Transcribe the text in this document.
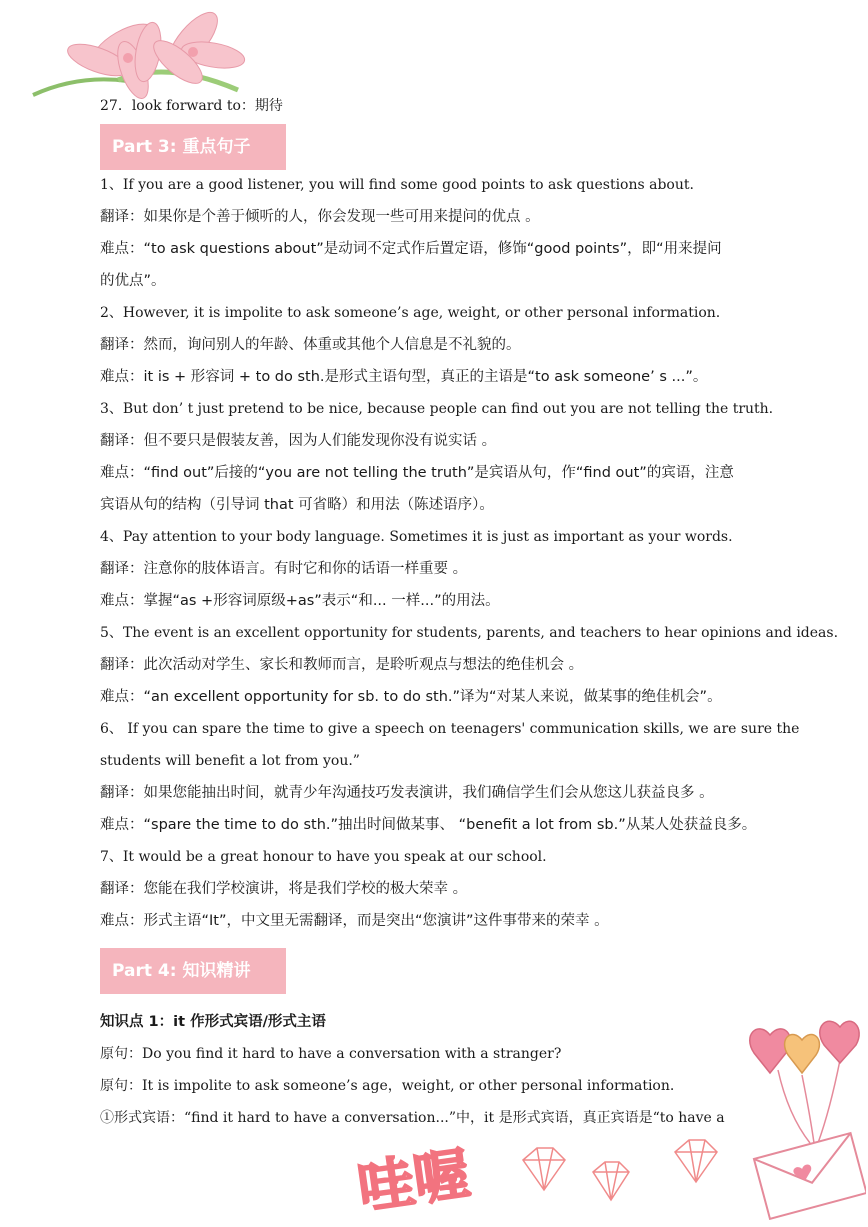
27．look forward to：期待
Part 3: 重点句子
1、If you are a good listener, you will find some good points to ask questions about.
翻译：如果你是个善于倾听的人，你会发现一些可用来提问的优点 。
难点：“to ask questions about”是动词不定式作后置定语，修饰“good points”，即“用来提问
的优点”。
2、However, it is impolite to ask someone’s age, weight, or other personal information.
翻译：然而，询问别人的年龄、体重或其他个人信息是不礼貌的。
难点：it is + 形容词 + to do sth.是形式主语句型，真正的主语是“to ask someone’ s ...”。
3、But don’ t just pretend to be nice, because people can find out you are not telling the truth.
翻译：但不要只是假装友善，因为人们能发现你没有说实话 。
难点：“find out”后接的“you are not telling the truth”是宾语从句，作“find out”的宾语，注意
宾语从句的结构（引导词 that 可省略）和用法（陈述语序）。
4、Pay attention to your body language. Sometimes it is just as important as your words.
翻译：注意你的肢体语言。有时它和你的话语一样重要 。
难点：掌握“as +形容词原级+as”表示“和... 一样...”的用法。
5、The event is an excellent opportunity for students, parents, and teachers to hear opinions and ideas.
翻译：此次活动对学生、家长和教师而言，是聆听观点与想法的绝佳机会 。
难点：“an excellent opportunity for sb. to do sth.”译为“对某人来说，做某事的绝佳机会”。
6、 If you can spare the time to give a speech on teenagers' communication skills, we are sure the
students will benefit a lot from you.”
翻译：如果您能抽出时间，就青少年沟通技巧发表演讲，我们确信学生们会从您这儿获益良多 。
难点：“spare the time to do sth.”抽出时间做某事、 “benefit a lot from sb.”从某人处获益良多。
7、It would be a great honour to have you speak at our school.
翻译：您能在我们学校演讲，将是我们学校的极大荣幸 。
难点：形式主语“It”，中文里无需翻译，而是突出“您演讲”这件事带来的荣幸 。
Part 4: 知识精讲
知识点 1：it 作形式宾语/形式主语
原句：Do you find it hard to have a conversation with a stranger?
原句：It is impolite to ask someone’s age，weight, or other personal information.
①形式宾语：“find it hard to have a conversation...”中，it 是形式宾语，真正宾语是“to have a
哇喔
